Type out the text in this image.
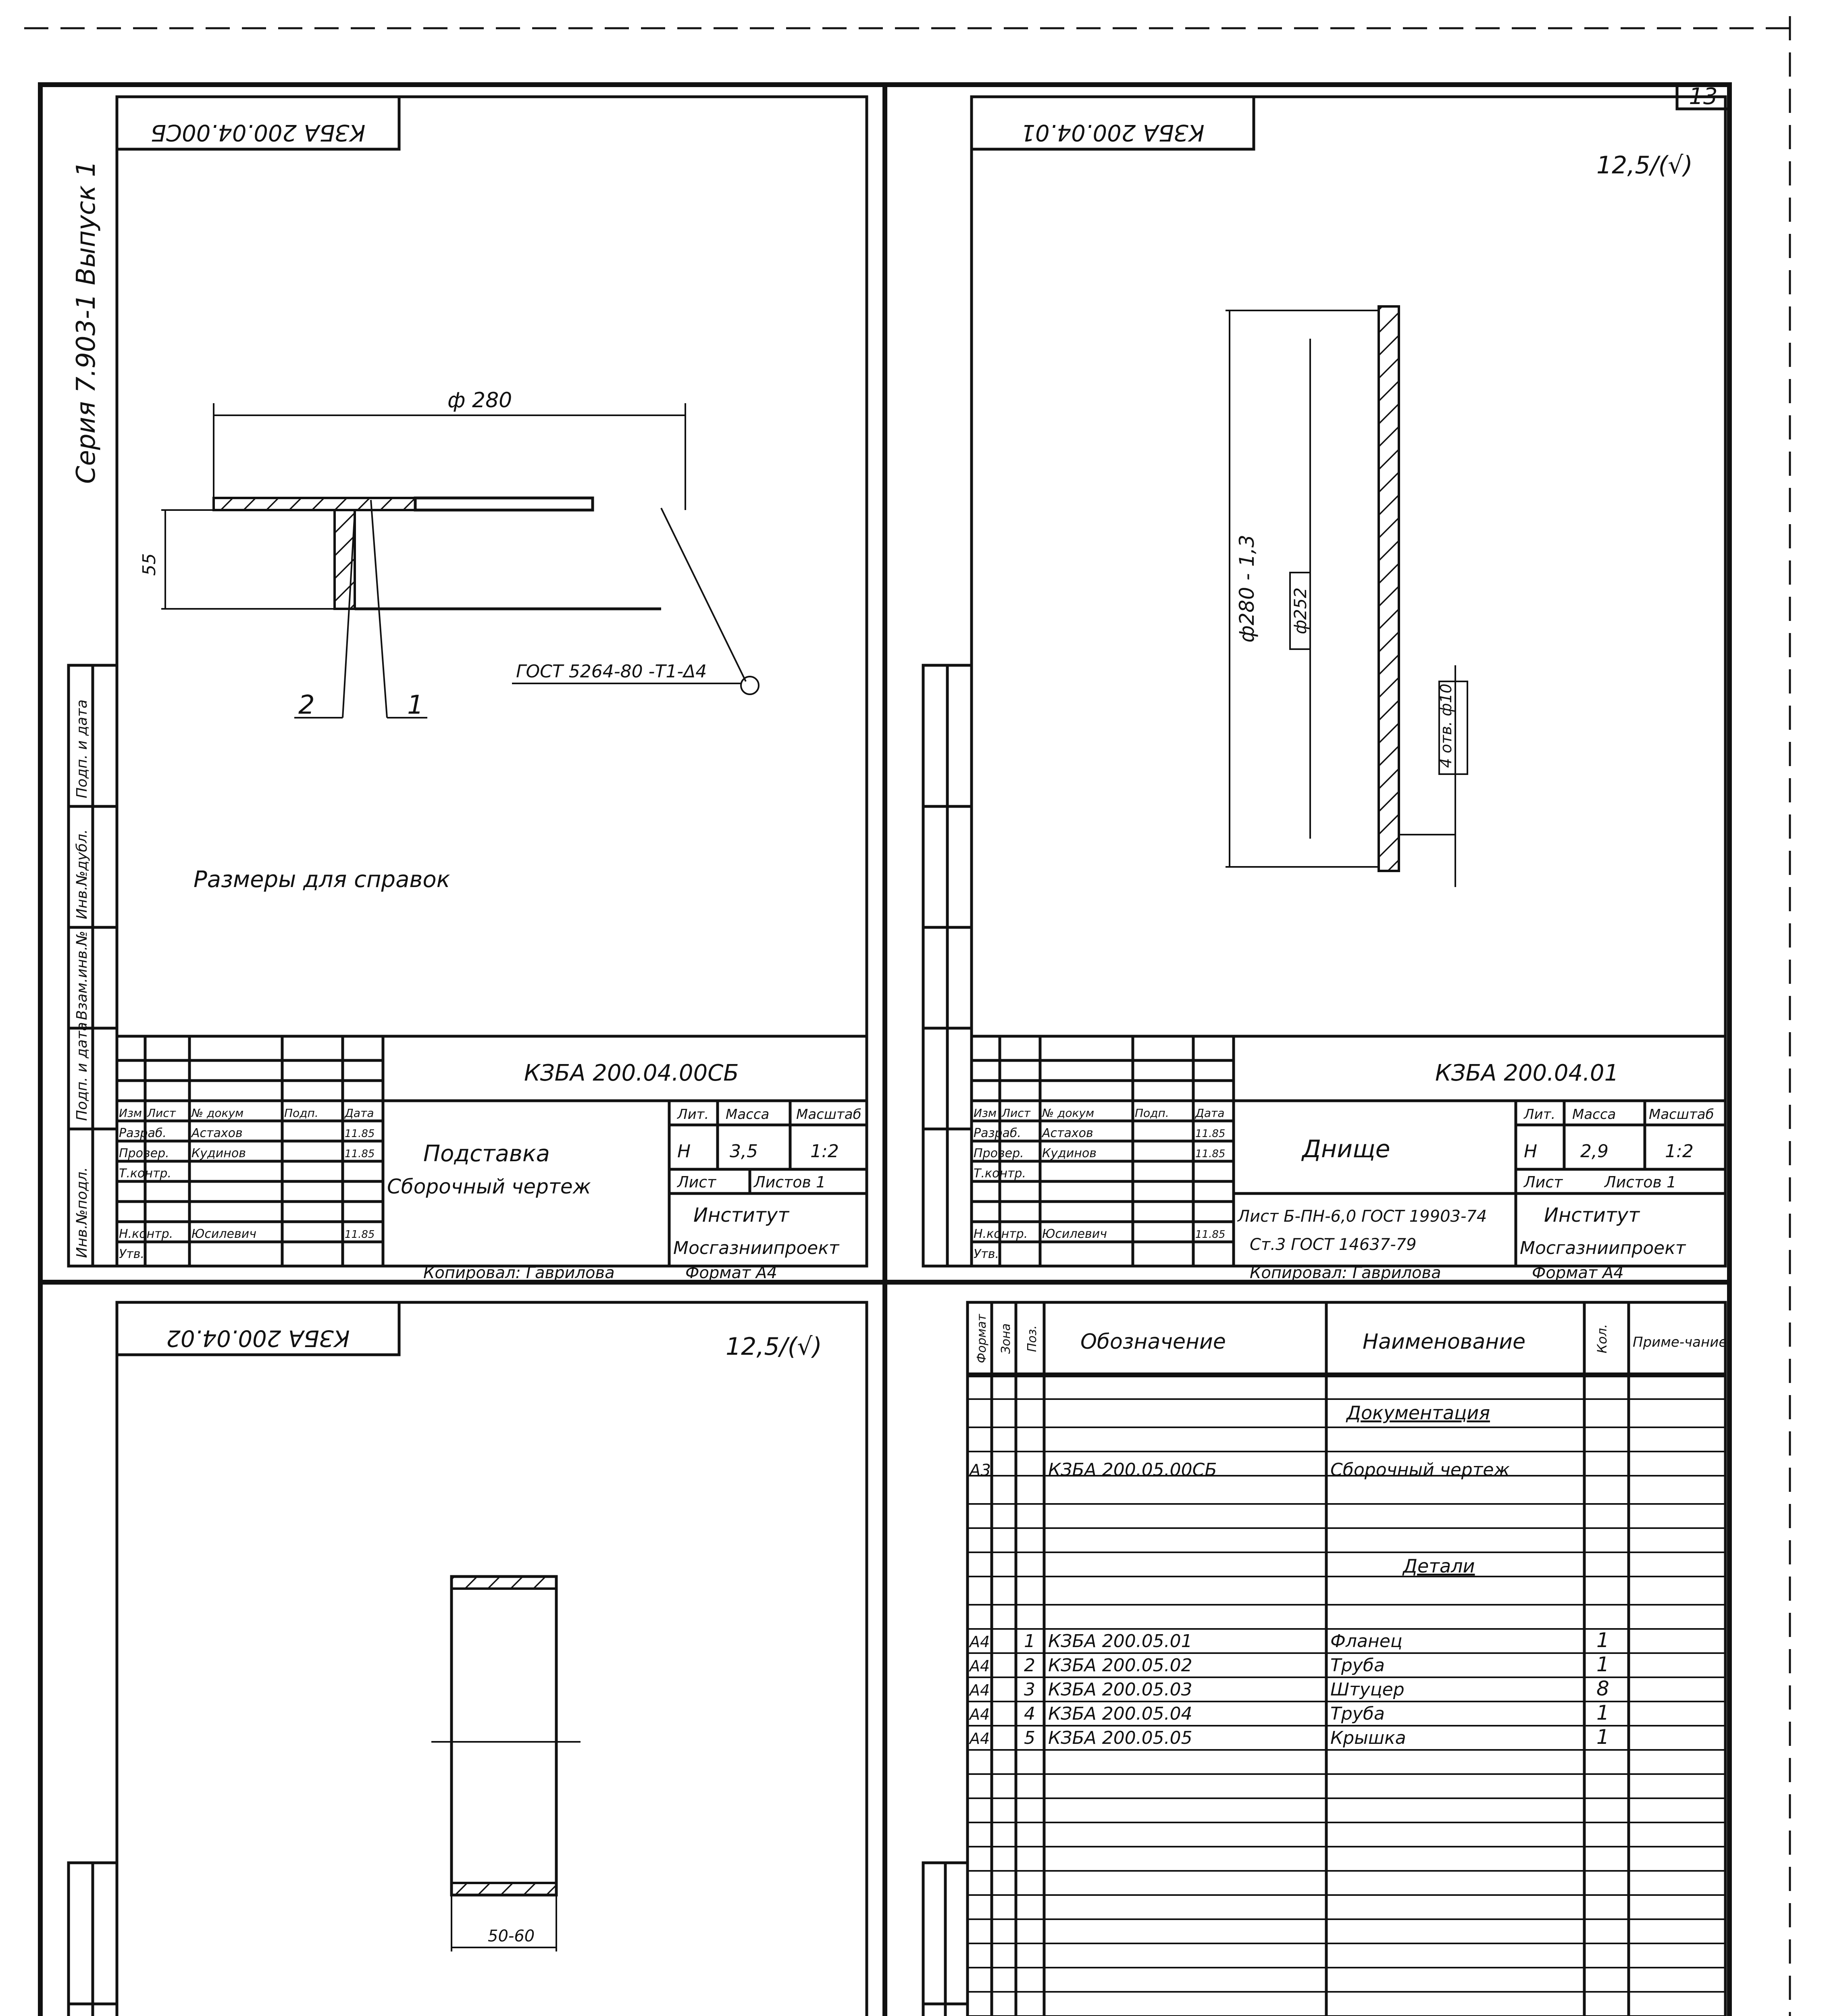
13
Серия 7.903-1 Выпуск 1
КЗБА 200.04.00СБ
ф 280
55
ГОСТ 5264-80 -Т1-Δ4
2	1
Размеры для справок
КЗБА 200.04.00СБ
Подставка
Сборочный чертеж
Лит. Масса Масштаб
Н 3,5	1:2
Лист Листов 1
Институт
Мосгазниипроект
Изм Лист № докум	Подп. Дата
Разраб. Астахов	11.85
Провер. Кудинов	11.85
Т.контр.
Н.контр. Юсилевич	11.85
Утв.
Копировал: Гаврилова	Формат А4
КЗБА 200.04.01
12,5/(√)
ф280 - 1,3 ф252
4 отв. ф10
КЗБА 200.04.01
Днище
Лит. Масса Масштаб
Н 2,9	1:2
Лист	Листов 1
Лист Б-ПН-6,0 ГОСТ 19903-74
Ст.3 ГОСТ 14637-79
Институт
Мосгазниипроект
Изм Лист № докум	Подп. Дата
Разраб. Астахов	11.85
Провер. Кудинов	11.85
Т.контр.
Н.контр. Юсилевич	11.85
Утв.
Копировал: Гаврилова	Формат А4
КЗБА 200.04.02	12,5/(√)
50-60
Формат Зона Поз. Обозначение	Наименование	Кол. Приме-чание
Документация
А3	КЗБА 200.05.00СБ	Сборочный чертеж
Детали
А4 1 КЗБА 200.05.01	Фланец	1
А4 2 КЗБА 200.05.02	Труба	1
А4 3 КЗБА 200.05.03	Штуцер	8
А4 4 КЗБА 200.05.04	Труба	1
А4 5 КЗБА 200.05.05	Крышка	1
Инв.№подл.
Подп. и дата
Взам.инв.№
Инв.№дубл.
Подп. и дата
